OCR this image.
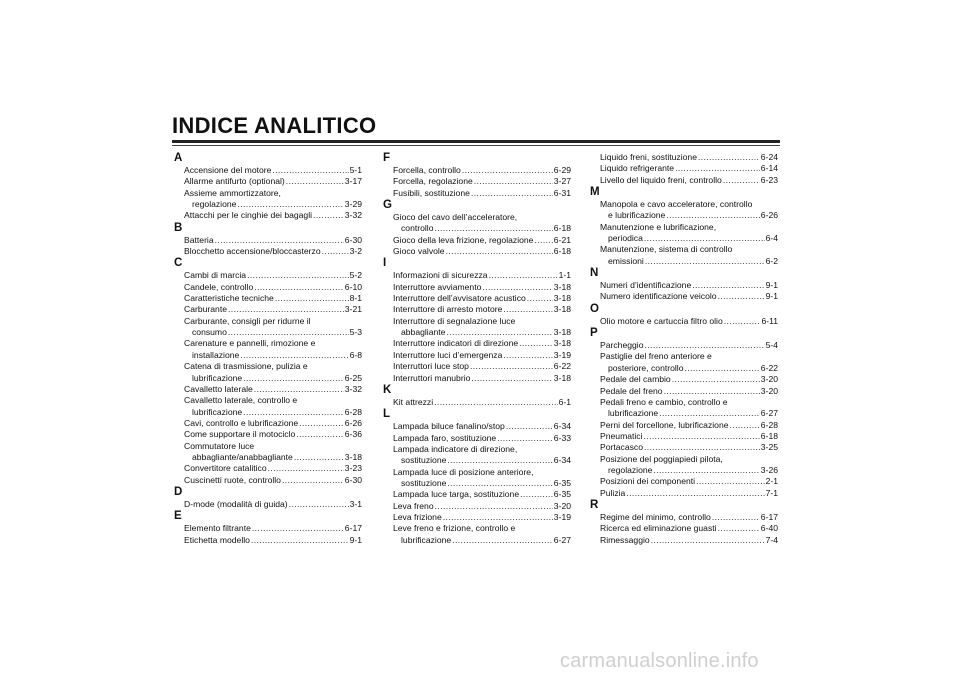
INDICE ANALITICO
A
Accensione del motore .....	5-1
Allarme antifurto (optional) .....	3-17
Assieme ammortizzatore,
regolazione .....	3-29
Attacchi per le cinghie dei bagagli .....	3-32
B
Batteria .....	6-30
Blocchetto accensione/bloccasterzo .....	3-2
C
Cambi di marcia .....	5-2
Candele, controllo .....	6-10
Caratteristiche tecniche .....	8-1
Carburante .....	3-21
Carburante, consigli per ridurne il
consumo .....	5-3
Carenature e pannelli, rimozione e
installazione .....	6-8
Catena di trasmissione, pulizia e
lubrificazione .....	6-25
Cavalletto laterale .....	3-32
Cavalletto laterale, controllo e
lubrificazione .....	6-28
Cavi, controllo e lubrificazione .....	6-26
Come supportare il motociclo .....	6-36
Commutatore luce
abbagliante/anabbagliante .....	3-18
Convertitore catalitico .....	3-23
Cuscinetti ruote, controllo .....	6-30
D
D-mode (modalità di guida) .....	3-1
E
Elemento filtrante .....	6-17
Etichetta modello .....	9-1
F
Forcella, controllo .....	6-29
Forcella, regolazione .....	3-27
Fusibili, sostituzione .....	6-31
G
Gioco del cavo dell’acceleratore,
controllo .....	6-18
Gioco della leva frizione, regolazione ..... 6-21
Gioco valvole .....	6-18
I
Informazioni di sicurezza .....	1-1
Interruttore avviamento .....	3-18
Interruttore dell’avvisatore acustico .....	3-18
Interruttore di arresto motore .....	3-18
Interruttore di segnalazione luce
abbagliante .....	3-18
Interruttore indicatori di direzione .....	3-18
Interruttore luci d’emergenza .....	3-19
Interruttori luce stop .....	6-22
Interruttori manubrio .....	3-18
K
Kit attrezzi .....	6-1
L
Lampada biluce fanalino/stop .....	6-34
Lampada faro, sostituzione .....	6-33
Lampada indicatore di direzione,
sostituzione .....	6-34
Lampada luce di posizione anteriore,
sostituzione .....	6-35
Lampada luce targa, sostituzione .....	6-35
Leva freno .....	3-20
Leva frizione .....	3-19
Leve freno e frizione, controllo e
lubrificazione .....	6-27
Liquido freni, sostituzione .....	6-24
Liquido refrigerante .....	6-14
Livello del liquido freni, controllo .....	6-23
M
Manopola e cavo acceleratore, controllo
e lubrificazione .....	6-26
Manutenzione e lubrificazione,
periodica .....	6-4
Manutenzione, sistema di controllo
emissioni .....	6-2
N
Numeri d’identificazione .....	9-1
Numero identificazione veicolo .....	9-1
O
Olio motore e cartuccia filtro olio .....	6-11
P
Parcheggio .....	5-4
Pastiglie del freno anteriore e
posteriore, controllo .....	6-22
Pedale del cambio .....	3-20
Pedale del freno .....	3-20
Pedali freno e cambio, controllo e
lubrificazione .....	6-27
Perni del forcellone, lubrificazione .....	6-28
Pneumatici .....	6-18
Portacasco .....	3-25
Posizione del poggiapiedi pilota,
regolazione .....	3-26
Posizioni dei componenti .....	2-1
Pulizia .....	7-1
R
Regime del minimo, controllo .....	6-17
Ricerca ed eliminazione guasti .....	6-40
Rimessaggio .....	7-4
carmanualsonline.info
